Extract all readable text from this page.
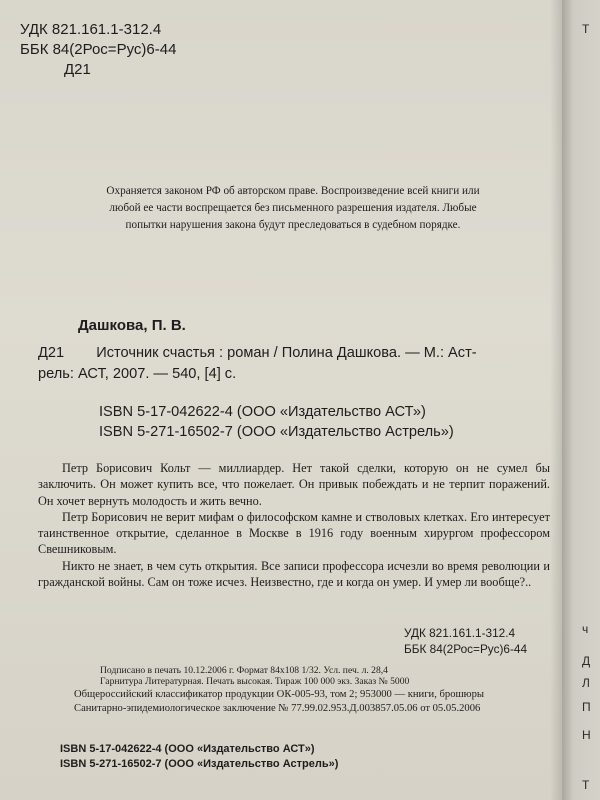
УДК 821.161.1-312.4
ББК 84(2Рос=Рус)6-44
Д21
Охраняется законом РФ об авторском праве. Воспроизведение всей книги или любой ее части воспрещается без письменного разрешения издателя. Любые попытки нарушения закона будут преследоваться в судебном порядке.
Дашкова, П. В.
Д21 Источник счастья : роман / Полина Дашкова. — М.: Аст-
рель: АСТ, 2007. — 540, [4] с.
ISBN 5-17-042622-4 (ООО «Издательство АСТ»)
ISBN 5-271-16502-7 (ООО «Издательство Астрель»)

Петр Борисович Кольт — миллиардер. Нет такой сделки, которую он не сумел бы заключить. Он может купить все, что пожелает. Он привык побеждать и не терпит поражений. Он хочет вернуть молодость и жить вечно.

Петр Борисович не верит мифам о философском камне и стволовых клетках. Его интересует таинственное открытие, сделанное в Москве в 1916 году военным хирургом профессором Свешниковым.

Никто не знает, в чем суть открытия. Все записи профессора исчезли во время революции и гражданской войны. Сам он тоже исчез. Неизвестно, где и когда он умер. И умер ли вообще?..

УДК 821.161.1-312.4
ББК 84(2Рос=Рус)6-44
Подписано в печать 10.12.2006 г. Формат 84х108 1/32. Усл. печ. л. 28,4
Гарнитура Литературная. Печать высокая. Тираж 100 000 экз. Заказ № 5000
Общероссийский классификатор продукции ОК-005-93, том 2; 953000 — книги, брошюры
Санитарно-эпидемиологическое заключение № 77.99.02.953.Д.003857.05.06 от 05.05.2006
ISBN 5-17-042622-4 (ООО «Издательство АСТ»)
ISBN 5-271-16502-7 (ООО «Издательство Астрель»)
Т
ч
Д
Л
П
Н
Т
